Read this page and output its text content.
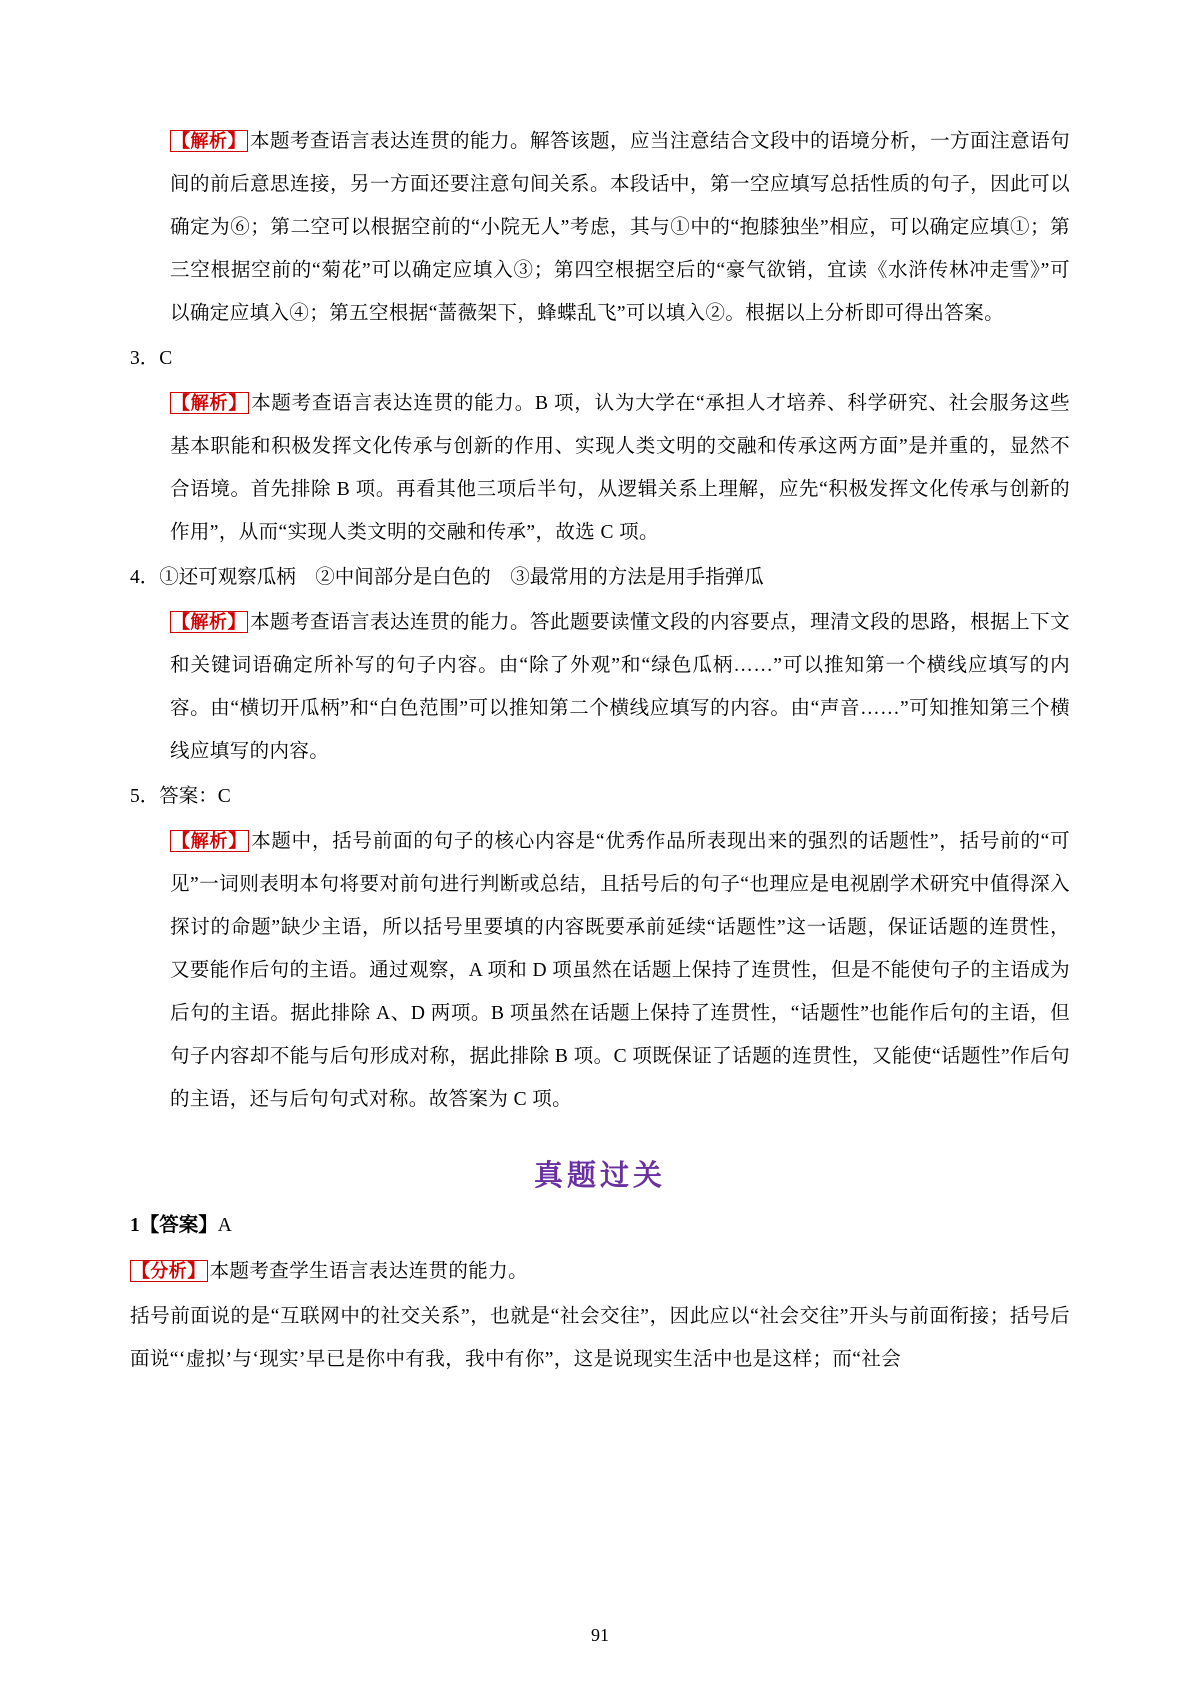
【解析】 本题考查语言表达连贯的能力。解答该题，应当注意结合文段中的语境分析，一方面注意语句间的前后意思连接，另一方面还要注意句间关系。本段话中，第一空应填写总括性质的句子，因此可以确定为⑥；第二空可以根据空前的“小院无人”考虑，其与①中的“抱膝独坐”相应，可以确定应填①；第三空根据空前的“菊花”可以确定应填入③；第四空根据空后的“豪气欲销，宜读《水浒传林冲走雪》”可以确定应填入④；第五空根据“蔷薇架下，蜂蝶乱飞”可以填入②。根据以上分析即可得出答案。

3．C

【解析】 本题考查语言表达连贯的能力。B 项，认为大学在“承担人才培养、科学研究、社会服务这些基本职能和积极发挥文化传承与创新的作用、实现人类文明的交融和传承这两方面”是并重的，显然不合语境。首先排除 B 项。再看其他三项后半句，从逻辑关系上理解，应先“积极发挥文化传承与创新的作用”，从而“实现人类文明的交融和传承”，故选 C 项。

4．①还可观察瓜柄　②中间部分是白色的　③最常用的方法是用手指弹瓜

【解析】 本题考查语言表达连贯的能力。答此题要读懂文段的内容要点，理清文段的思路，根据上下文和关键词语确定所补写的句子内容。由“除了外观”和“绿色瓜柄……”可以推知第一个横线应填写的内容。由“横切开瓜柄”和“白色范围”可以推知第二个横线应填写的内容。由“声音……”可知推知第三个横线应填写的内容。

5．答案：C

【解析】 本题中，括号前面的句子的核心内容是“优秀作品所表现出来的强烈的话题性”，括号前的“可见”一词则表明本句将要对前句进行判断或总结，且括号后的句子“也理应是电视剧学术研究中值得深入探讨的命题”缺少主语，所以括号里要填的内容既要承前延续“话题性”这一话题，保证话题的连贯性，又要能作后句的主语。通过观察，A 项和 D 项虽然在话题上保持了连贯性，但是不能使句子的主语成为后句的主语。据此排除 A、D 两项。B 项虽然在话题上保持了连贯性，“话题性”也能作后句的主语，但句子内容却不能与后句形成对称，据此排除 B 项。C 项既保证了话题的连贯性，又能使“话题性”作后句的主语，还与后句句式对称。故答案为 C 项。

真题过关

1【答案】A

【分析】 本题考查学生语言表达连贯的能力。

括号前面说的是“互联网中的社交关系”，也就是“社会交往”，因此应以“社会交往”开头与前面衔接；括号后面说“‘虚拟’与‘现实’早已是你中有我，我中有你”，这是说现实生活中也是这样；而“社会

91
